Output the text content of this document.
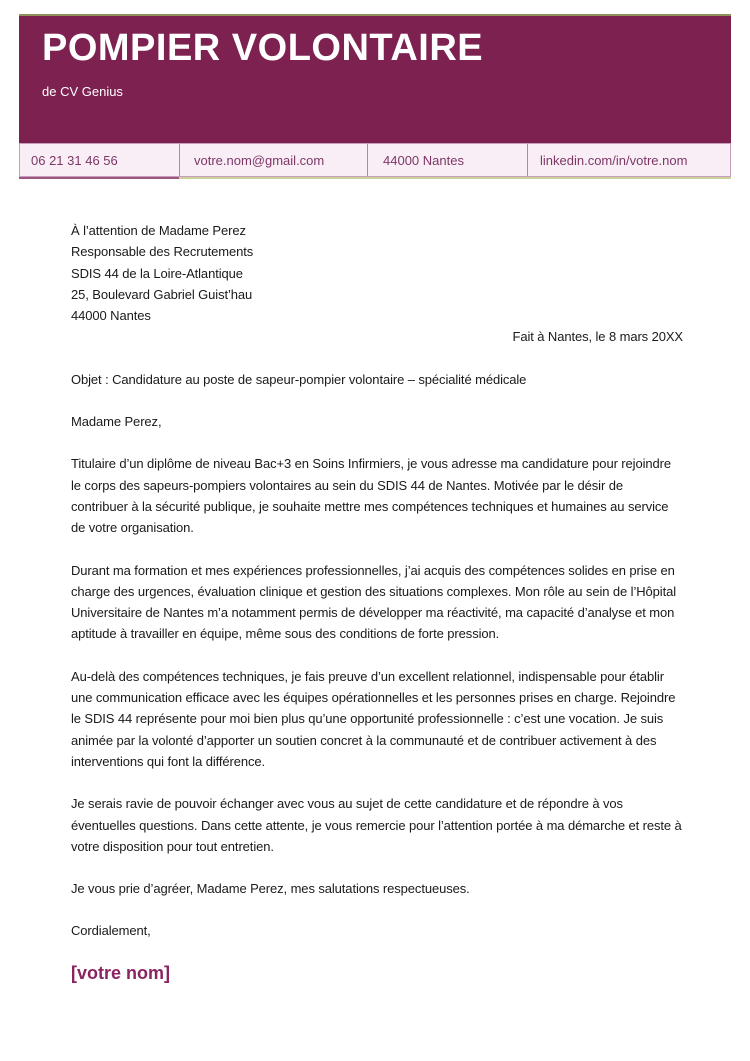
POMPIER VOLONTAIRE
de CV Genius
06 21 31 46 56	votre.nom@gmail.com	44000 Nantes	linkedin.com/in/votre.nom
À l’attention de Madame Perez
Responsable des Recrutements
SDIS 44 de la Loire-Atlantique
25, Boulevard Gabriel Guist’hau
44000 Nantes

Fait à Nantes, le 8 mars 20XX

Objet : Candidature au poste de sapeur-pompier volontaire – spécialité médicale

Madame Perez,

Titulaire d’un diplôme de niveau Bac+3 en Soins Infirmiers, je vous adresse ma candidature pour rejoindre le corps des sapeurs-pompiers volontaires au sein du SDIS 44 de Nantes. Motivée par le désir de contribuer à la sécurité publique, je souhaite mettre mes compétences techniques et humaines au service de votre organisation.

Durant ma formation et mes expériences professionnelles, j’ai acquis des compétences solides en prise en charge des urgences, évaluation clinique et gestion des situations complexes. Mon rôle au sein de l’Hôpital Universitaire de Nantes m’a notamment permis de développer ma réactivité, ma capacité d’analyse et mon aptitude à travailler en équipe, même sous des conditions de forte pression.

Au-delà des compétences techniques, je fais preuve d’un excellent relationnel, indispensable pour établir une communication efficace avec les équipes opérationnelles et les personnes prises en charge. Rejoindre le SDIS 44 représente pour moi bien plus qu’une opportunité professionnelle : c’est une vocation. Je suis animée par la volonté d’apporter un soutien concret à la communauté et de contribuer activement à des interventions qui font la différence.

Je serais ravie de pouvoir échanger avec vous au sujet de cette candidature et de répondre à vos éventuelles questions. Dans cette attente, je vous remercie pour l’attention portée à ma démarche et reste à votre disposition pour tout entretien.

Je vous prie d’agréer, Madame Perez, mes salutations respectueuses.

Cordialement,

[votre nom]
